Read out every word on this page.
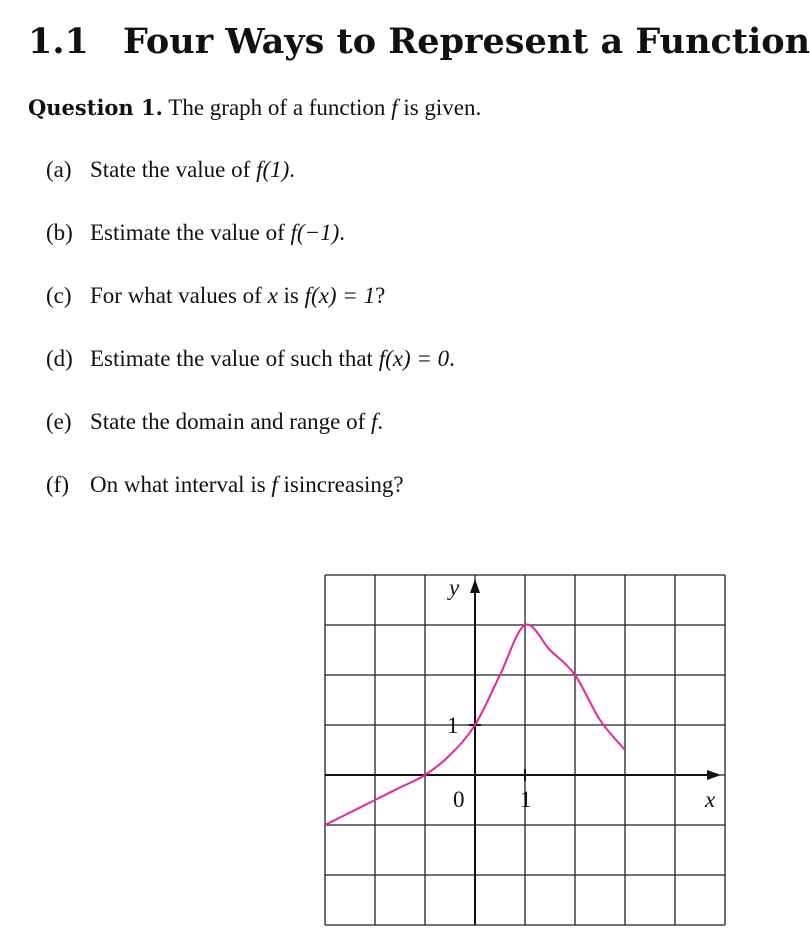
1.1 Four Ways to Represent a Function

Question 1. The graph of a function f is given.

(a) State the value of f(1).
(b) Estimate the value of f(−1).
(c) For what values of x is f(x) = 1?
(d) Estimate the value of such that f(x) = 0.
(e) State the domain and range of f.
(f) On what interval is f isincreasing?
y
x
0 1
1
